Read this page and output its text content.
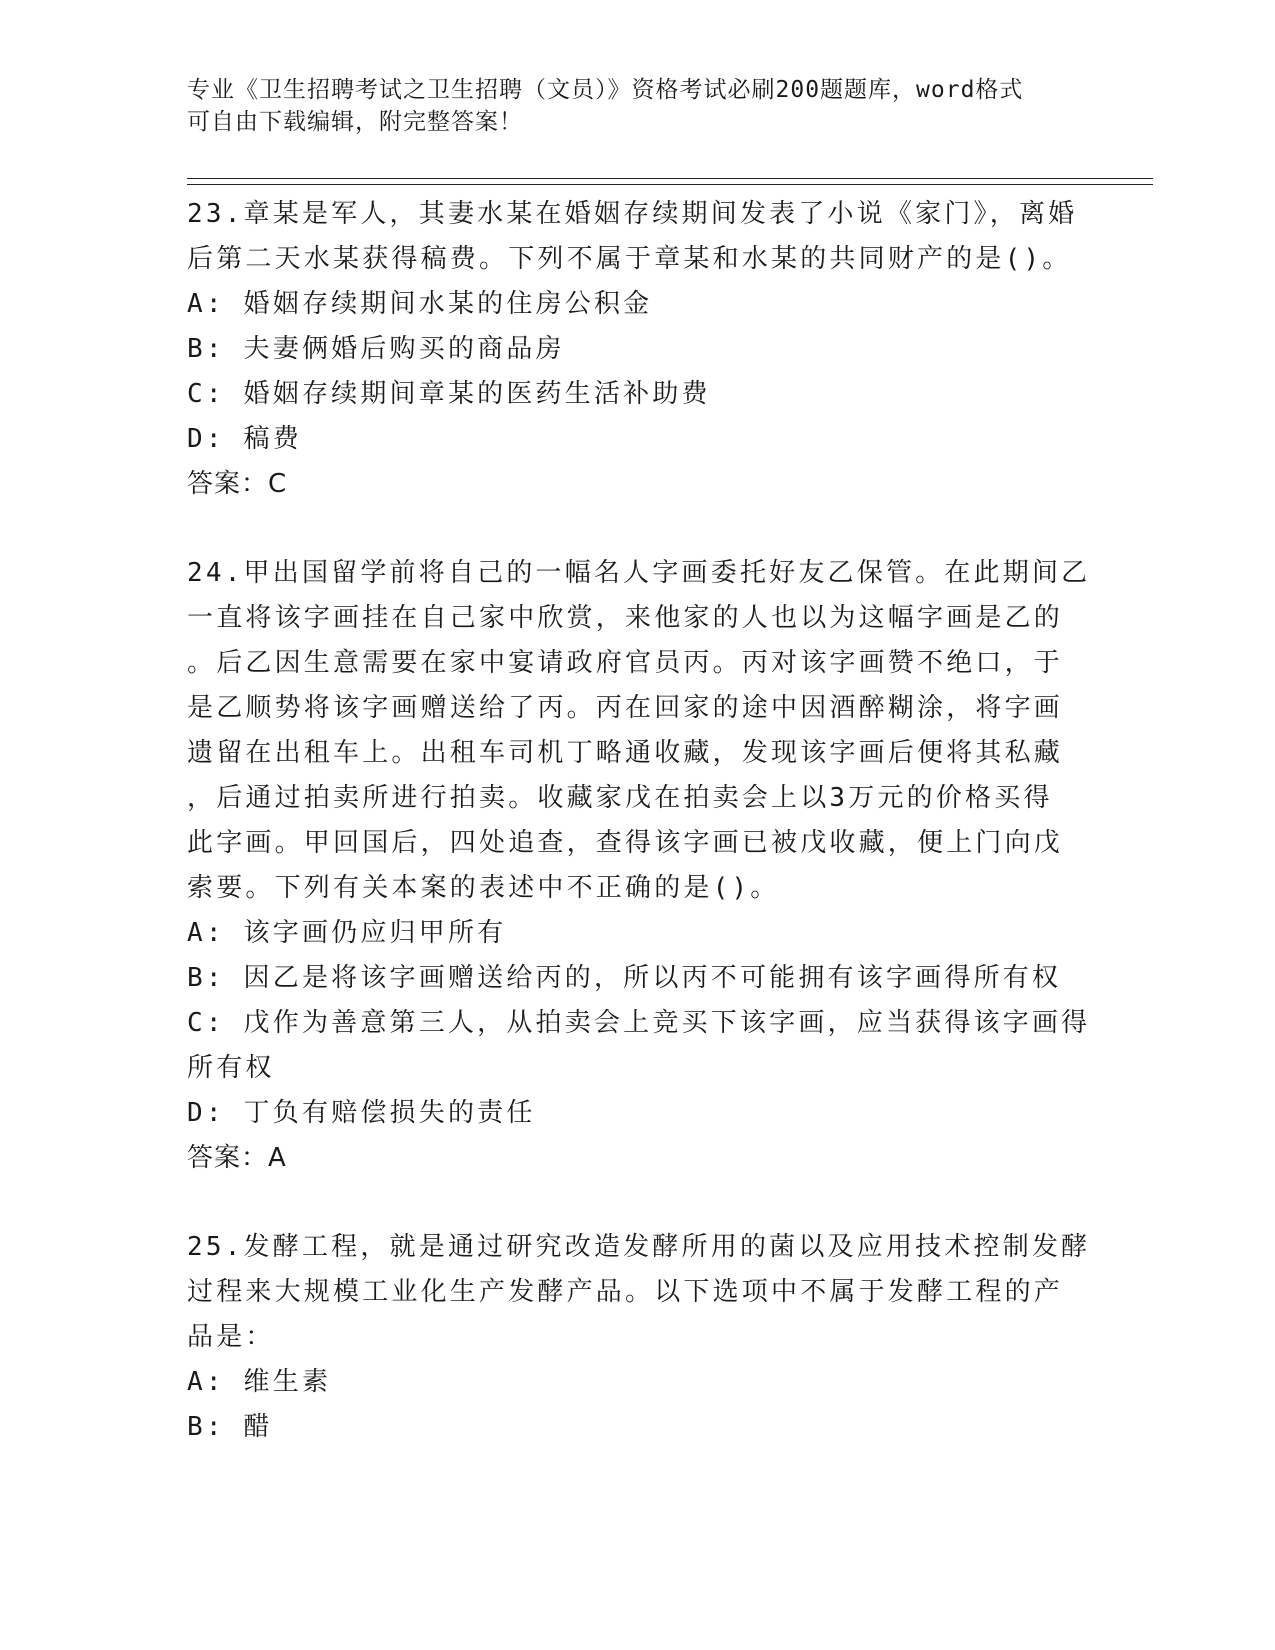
专业《卫生招聘考试之卫生招聘（文员）》资格考试必刷200题题库，word格式
可自由下载编辑，附完整答案！
23.章某是军人，其妻水某在婚姻存续期间发表了小说《家门》，离婚
后第二天水某获得稿费。下列不属于章某和水某的共同财产的是()。
A: 婚姻存续期间水某的住房公积金
B: 夫妻俩婚后购买的商品房
C: 婚姻存续期间章某的医药生活补助费
D: 稿费
答案：C
24.甲出国留学前将自己的一幅名人字画委托好友乙保管。在此期间乙
一直将该字画挂在自己家中欣赏，来他家的人也以为这幅字画是乙的
。后乙因生意需要在家中宴请政府官员丙。丙对该字画赞不绝口，于
是乙顺势将该字画赠送给了丙。丙在回家的途中因酒醉糊涂，将字画
遗留在出租车上。出租车司机丁略通收藏，发现该字画后便将其私藏
，后通过拍卖所进行拍卖。收藏家戊在拍卖会上以3万元的价格买得
此字画。甲回国后，四处追查，查得该字画已被戊收藏，便上门向戊
索要。下列有关本案的表述中不正确的是()。
A: 该字画仍应归甲所有
B: 因乙是将该字画赠送给丙的，所以丙不可能拥有该字画得所有权
C: 戊作为善意第三人，从拍卖会上竞买下该字画，应当获得该字画得
所有权
D: 丁负有赔偿损失的责任
答案：A
25.发酵工程，就是通过研究改造发酵所用的菌以及应用技术控制发酵
过程来大规模工业化生产发酵产品。以下选项中不属于发酵工程的产
品是：
A: 维生素
B: 醋
